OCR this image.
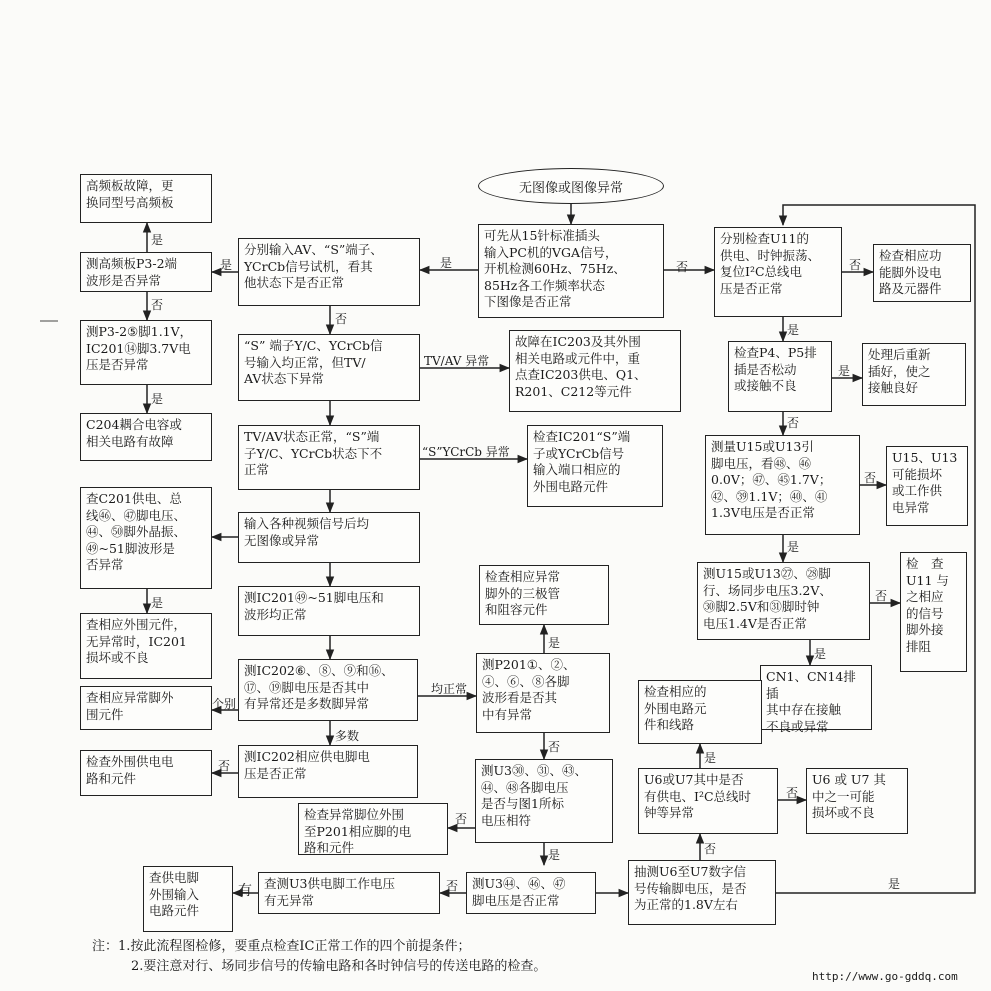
无图像或图像异常
可先从15针标准插头
输入PC机的VGA信号，
开机检测60Hz、75Hz、
85Hz各工作频率状态
下图像是否正常
分别输入AV、“S”端子、
YCrCb信号试机，看其
他状态下是否正常
高频板故障，更
换同型号高频板
测高频板P3-2端
波形是否异常
测P3-2⑤脚1.1V，
IC201⑭脚3.7V电
压是否异常
C204耦合电容或
相关电路有故障
“S” 端子Y/C、YCrCb信
号输入均正常，但TV/
AV状态下异常
故障在IC203及其外围
相关电路或元件中，重
点查IC203供电、Q1、
R201、C212等元件
TV/AV状态正常，“S”端
子Y/C、YCrCb状态下不
正常
检查IC201“S”端
子或YCrCb信号
输入端口相应的
外围电路元件
查C201供电、总
线㊻、㊼脚电压、
㊹、㊿脚外晶振、
㊾~51脚波形是
否异常
输入各种视频信号后均
无图像或异常
查相应外围元件，
无异常时，IC201
损坏或不良
测IC201㊾~51脚电压和
波形均正常
检查相应异常
脚外的三极管
和阻容元件
查相应异常脚外
围元件
测IC202⑥、⑧、⑨和⑯、
⑰、⑲脚电压是否其中
有异常还是多数脚异常
测P201①、②、
④、⑥、⑧各脚
波形看是否其
中有异常
检查外围供电电
路和元件
测IC202相应供电脚电
压是否正常	测U3㉚、㉛、㊸、
㊹、㊽各脚电压
是否与图1所标
电压相符
检查异常脚位外围
至P201相应脚的电
路和元件
查供电脚
外围输入
电路元件
查测U3供电脚工作电压
有无异常
测U3㊹、㊻、㊼
脚电压是否正常
抽测U6至U7数字信
号传输脚电压，是否
为正常的1.8V左右
分别检查U11的
供电、时钟振荡、
复位I²C总线电
压是否正常
检查相应功
能脚外设电
路及元器件
检查P4、P5排
插是否松动
或接触不良
处理后重新
插好，使之
接触良好
测量U15或U13引
脚电压，看㊽、㊻
0.0V；㊼、㊺1.7V；
㊷、㊴1.1V；㊵、㊶
1.3V电压是否正常
U15、U13
可能损坏
或工作供
电异常
测U15或U13㉗、㉘脚
行、场同步电压3.2V、
㉚脚2.5V和㉛脚时钟
电压1.4V是否正常
检　查
U11 与
之相应
的信号
脚外接
排阻
CN1、CN14排插
其中存在接触
不良或异常
检查相应的
外围电路元
件和线路
U6或U7其中是否
有供电、I²C总线时
钟等异常
U6 或 U7 其
中之一可能
损坏或不良
是	否
是
是
否
是
否
TV/AV 异常
“S”YCrCb 异常
是
均正常
是
个别
多数
否
否
否
是
否
有
否
是
否
是
否
是
是
否
否
是
否
是
注：1.按此流程图检修，要重点检查IC正常工作的四个前提条件；
2.要注意对行、场同步信号的传输电路和各时钟信号的传送电路的检查。
http://www.go-gddq.com
